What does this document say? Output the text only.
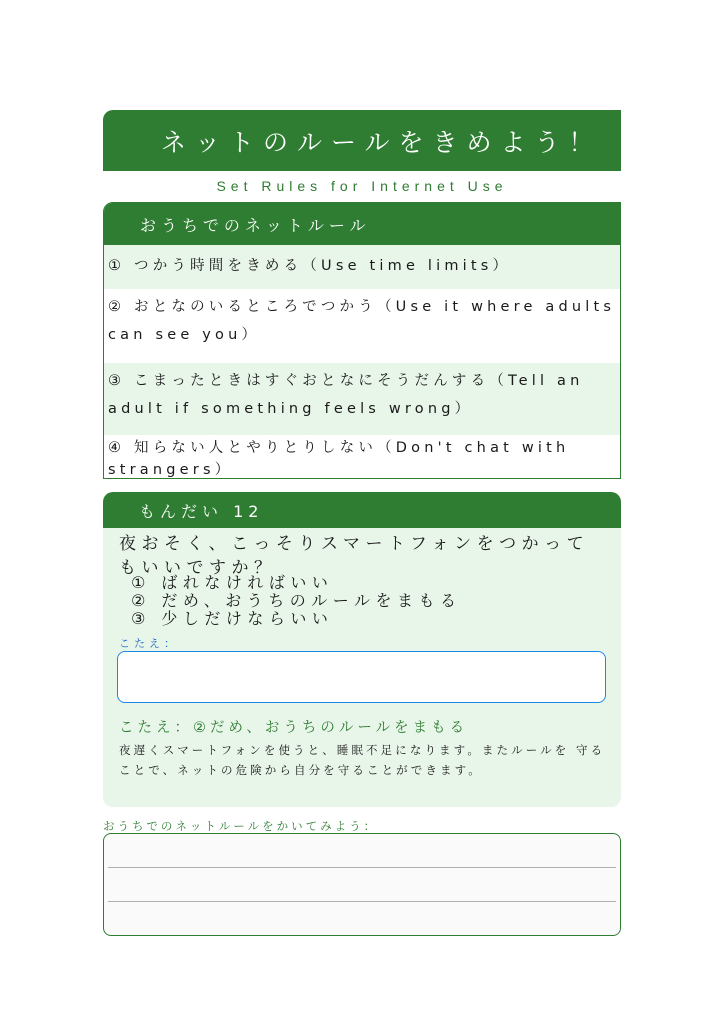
ネットのルールをきめよう！
Set Rules for Internet Use
おうちでのネットルール
① つかう時間をきめる（Use time limits）
② おとなのいるところでつかう（Use it where adults can see you）
③ こまったときはすぐおとなにそうだんする（Tell an adult if something feels wrong）
④ 知らない人とやりとりしない（Don't chat with strangers）
もんだい 12
夜おそく、こっそりスマートフォンをつかってもいいですか？
① ばれなければいい
② だめ、おうちのルールをまもる
③ 少しだけならいい
こたえ：
こたえ：②だめ、おうちのルールをまもる
夜遅くスマートフォンを使うと、睡眠不足になります。またルールを 守ることで、ネットの危険から自分を守ることができます。
おうちでのネットルールをかいてみよう：
